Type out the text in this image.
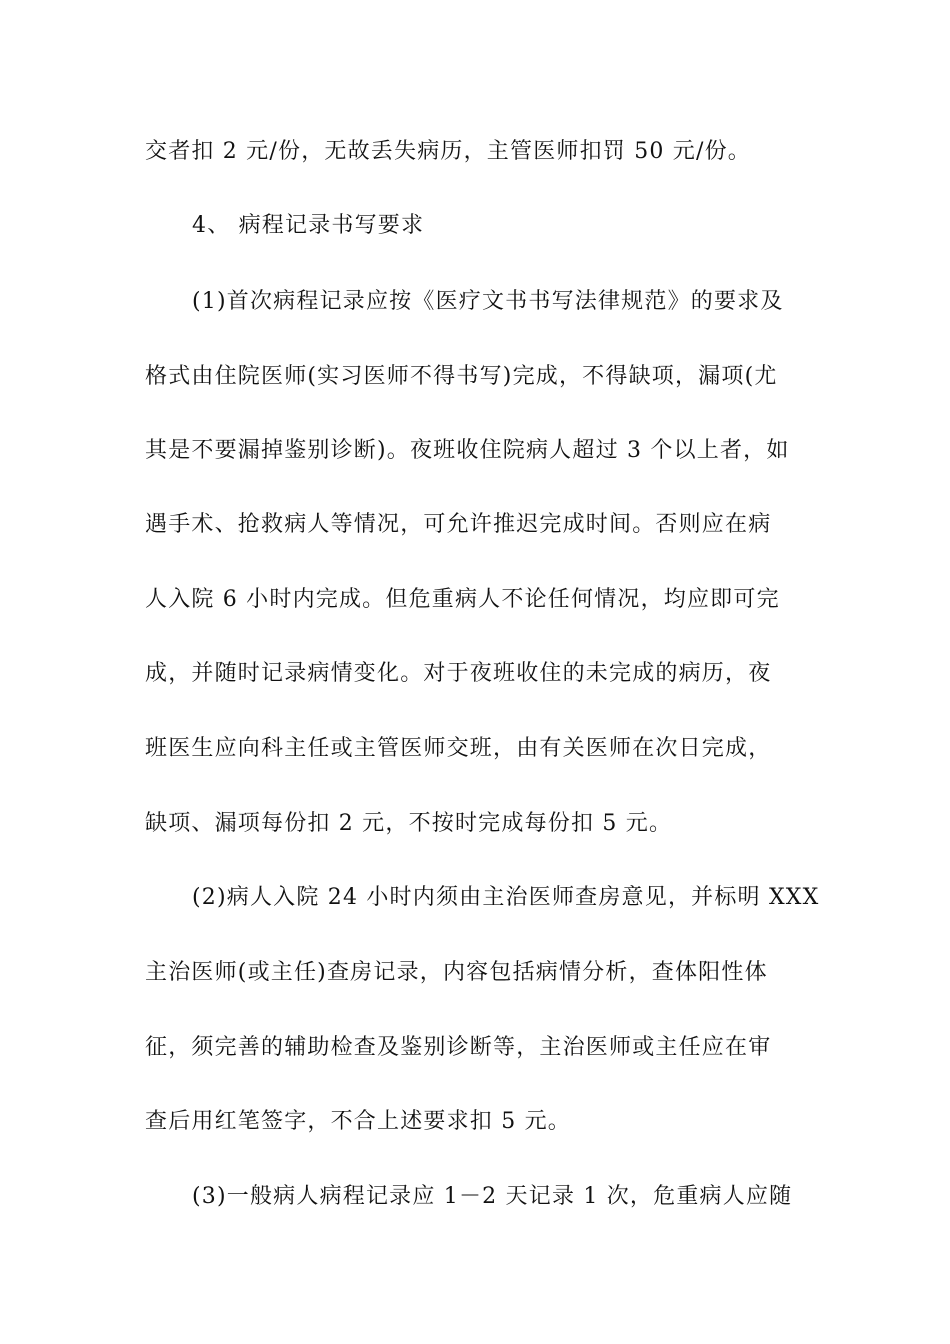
交者扣 2 元/份，无故丢失病历，主管医师扣罚 50 元/份。
4、 病程记录书写要求
(1)首次病程记录应按《医疗文书书写法律规范》的要求及
格式由住院医师(实习医师不得书写)完成，不得缺项，漏项(尤
其是不要漏掉鉴别诊断)。夜班收住院病人超过 3 个以上者，如
遇手术、抢救病人等情况，可允许推迟完成时间。否则应在病
人入院 6 小时内完成。但危重病人不论任何情况，均应即可完
成，并随时记录病情变化。对于夜班收住的未完成的病历，夜
班医生应向科主任或主管医师交班，由有关医师在次日完成，
缺项、漏项每份扣 2 元，不按时完成每份扣 5 元。
(2)病人入院 24 小时内须由主治医师查房意见，并标明 XXX
主治医师(或主任)查房记录，内容包括病情分析，查体阳性体
征，须完善的辅助检查及鉴别诊断等，主治医师或主任应在审
查后用红笔签字，不合上述要求扣 5 元。
(3)一般病人病程记录应 1－2 天记录 1 次，危重病人应随
